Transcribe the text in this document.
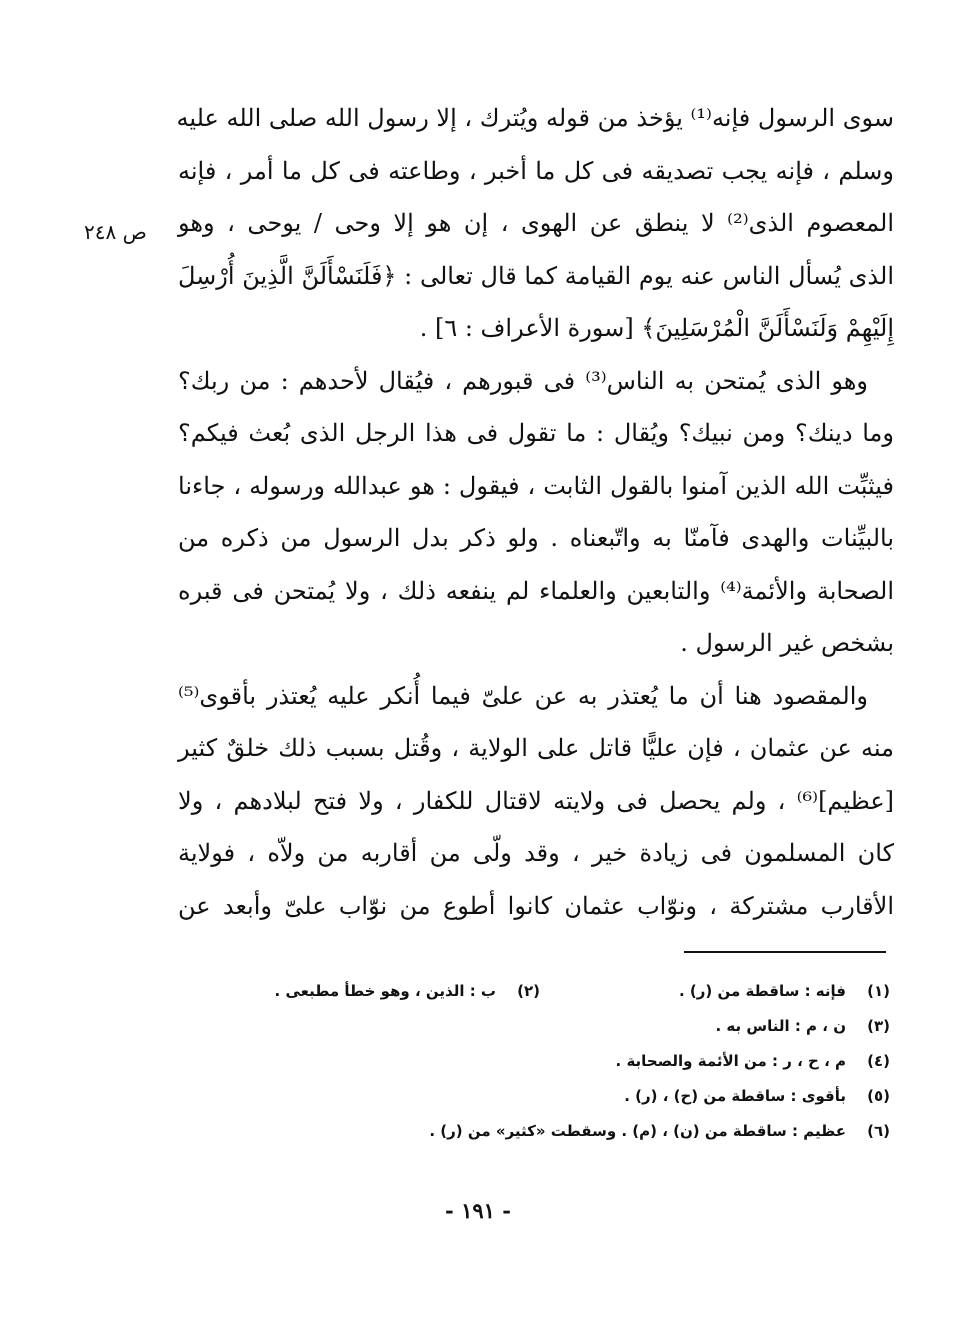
ص ٢٤٨
سوى الرسول فإنه⁽¹⁾ يؤخذ من قوله ويُترك ، إلا رسول الله صلى الله عليه
وسلم ، فإنه يجب تصديقه فى كل ما أخبر ، وطاعته فى كل ما أمر ، فإنه
المعصوم الذى⁽²⁾ لا ينطق عن الهوى ، إن هو إلا وحى / يوحى ، وهو
الذى يُسأل الناس عنه يوم القيامة كما قال تعالى : ﴿فَلَنَسْأَلَنَّ الَّذِينَ أُرْسِلَ
إِلَيْهِمْ وَلَنَسْأَلَنَّ الْمُرْسَلِينَ﴾ [سورة الأعراف : ٦] .
وهو الذى يُمتحن به الناس⁽³⁾ فى قبورهم ، فيُقال لأحدهم : من ربك؟
وما دينك؟ ومن نبيك؟ ويُقال : ما تقول فى هذا الرجل الذى بُعث فيكم؟
فيثبِّت الله الذين آمنوا بالقول الثابت ، فيقول : هو عبدالله ورسوله ، جاءنا
بالبيِّنات والهدى فآمنّا به واتّبعناه . ولو ذكر بدل الرسول من ذكره من
الصحابة والأئمة⁽⁴⁾ والتابعين والعلماء لم ينفعه ذلك ، ولا يُمتحن فى قبره
بشخص غير الرسول .
والمقصود هنا أن ما يُعتذر به عن علىّ فيما أُنكر عليه يُعتذر بأقوى⁽⁵⁾
منه عن عثمان ، فإن عليًّا قاتل على الولاية ، وقُتل بسبب ذلك خلقٌ كثير
[عظيم]⁽⁶⁾ ، ولم يحصل فى ولايته لاقتال للكفار ، ولا فتح لبلادهم ، ولا
كان المسلمون فى زيادة خير ، وقد ولّى من أقاربه من ولاّه ، فولاية
الأقارب مشتركة ، ونوّاب عثمان كانوا أطوع من نوّاب علىّ وأبعد عن
(١)
فإنه : ساقطة من (ر) .
(٢)
ب : الذين ، وهو خطأ مطبعى .
(٣)
ن ، م : الناس به .
(٤)
م ، ح ، ر : من الأئمة والصحابة .
(٥)
بأقوى : ساقطة من (ح) ، (ر) .
(٦)
عظيم : ساقطة من (ن) ، (م) . وسقطت «كثير» من (ر) .
- ١٩١ -
